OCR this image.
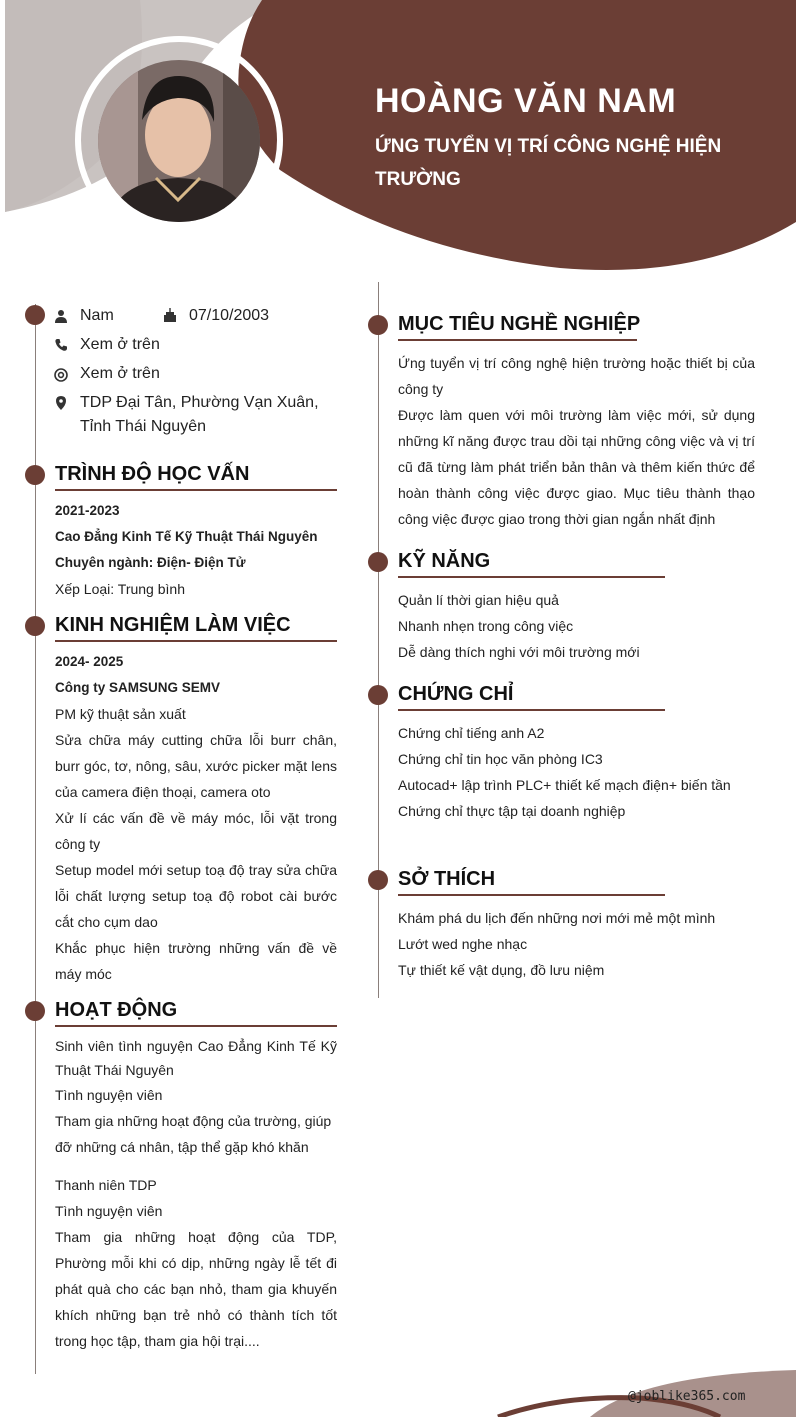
HOÀNG VĂN NAM
ỨNG TUYỂN VỊ TRÍ CÔNG NGHỆ HIỆN TRƯỜNG
Nam	07/10/2003
Xem ở trên
Xem ở trên
TDP Đại Tân, Phường Vạn Xuân,
Tỉnh Thái Nguyên
TRÌNH ĐỘ HỌC VẤN

2021-2023

Cao Đẳng Kinh Tế Kỹ Thuật Thái Nguyên

Chuyên ngành: Điện- Điện Tử

Xếp Loại: Trung bình

KINH NGHIỆM LÀM VIỆC

2024- 2025

Công ty SAMSUNG SEMV

PM kỹ thuật sản xuất

Sửa chữa máy cutting chữa lỗi burr chân, burr góc, tơ, nông, sâu, xước picker mặt lens của camera điện thoại, camera oto

Xử lí các vấn đề về máy móc, lỗi vặt trong công ty

Setup model mới setup toạ độ tray sửa chữa lỗi chất lượng setup toạ độ robot cài bước cắt cho cụm dao

Khắc phục hiện trường những vấn đề về máy móc

HOẠT ĐỘNG

Sinh viên tình nguyện Cao Đẳng Kinh Tế Kỹ Thuật Thái Nguyên

Tình nguyện viên

Tham gia những hoạt động của trường, giúp đỡ những cá nhân, tập thể gặp khó khăn

Thanh niên TDP

Tình nguyện viên

Tham gia những hoạt động của TDP, Phường mỗi khi có dịp, những ngày lễ tết đi phát quà cho các bạn nhỏ, tham gia khuyến khích những bạn trẻ nhỏ có thành tích tốt trong học tập, tham gia hội trại....

MỤC TIÊU NGHỀ NGHIỆP

Ứng tuyển vị trí công nghệ hiện trường hoặc thiết bị của công ty

Được làm quen với môi trường làm việc mới, sử dụng những kĩ năng được trau dồi tại những công việc và vị trí cũ đã từng làm phát triển bản thân và thêm kiến thức để hoàn thành công việc được giao. Mục tiêu thành thạo công việc được giao trong thời gian ngắn nhất định

KỸ NĂNG

Quản lí thời gian hiệu quả

Nhanh nhẹn trong công việc

Dễ dàng thích nghi với môi trường mới

CHỨNG CHỈ

Chứng chỉ tiếng anh A2

Chứng chỉ tin học văn phòng IC3

Autocad+ lập trình PLC+ thiết kế mạch điện+ biến tần

Chứng chỉ thực tập tại doanh nghiệp

SỞ THÍCH

Khám phá du lịch đến những nơi mới mẻ một mình

Lướt wed nghe nhạc

Tự thiết kế vật dụng, đồ lưu niệm

@joblike365.com
